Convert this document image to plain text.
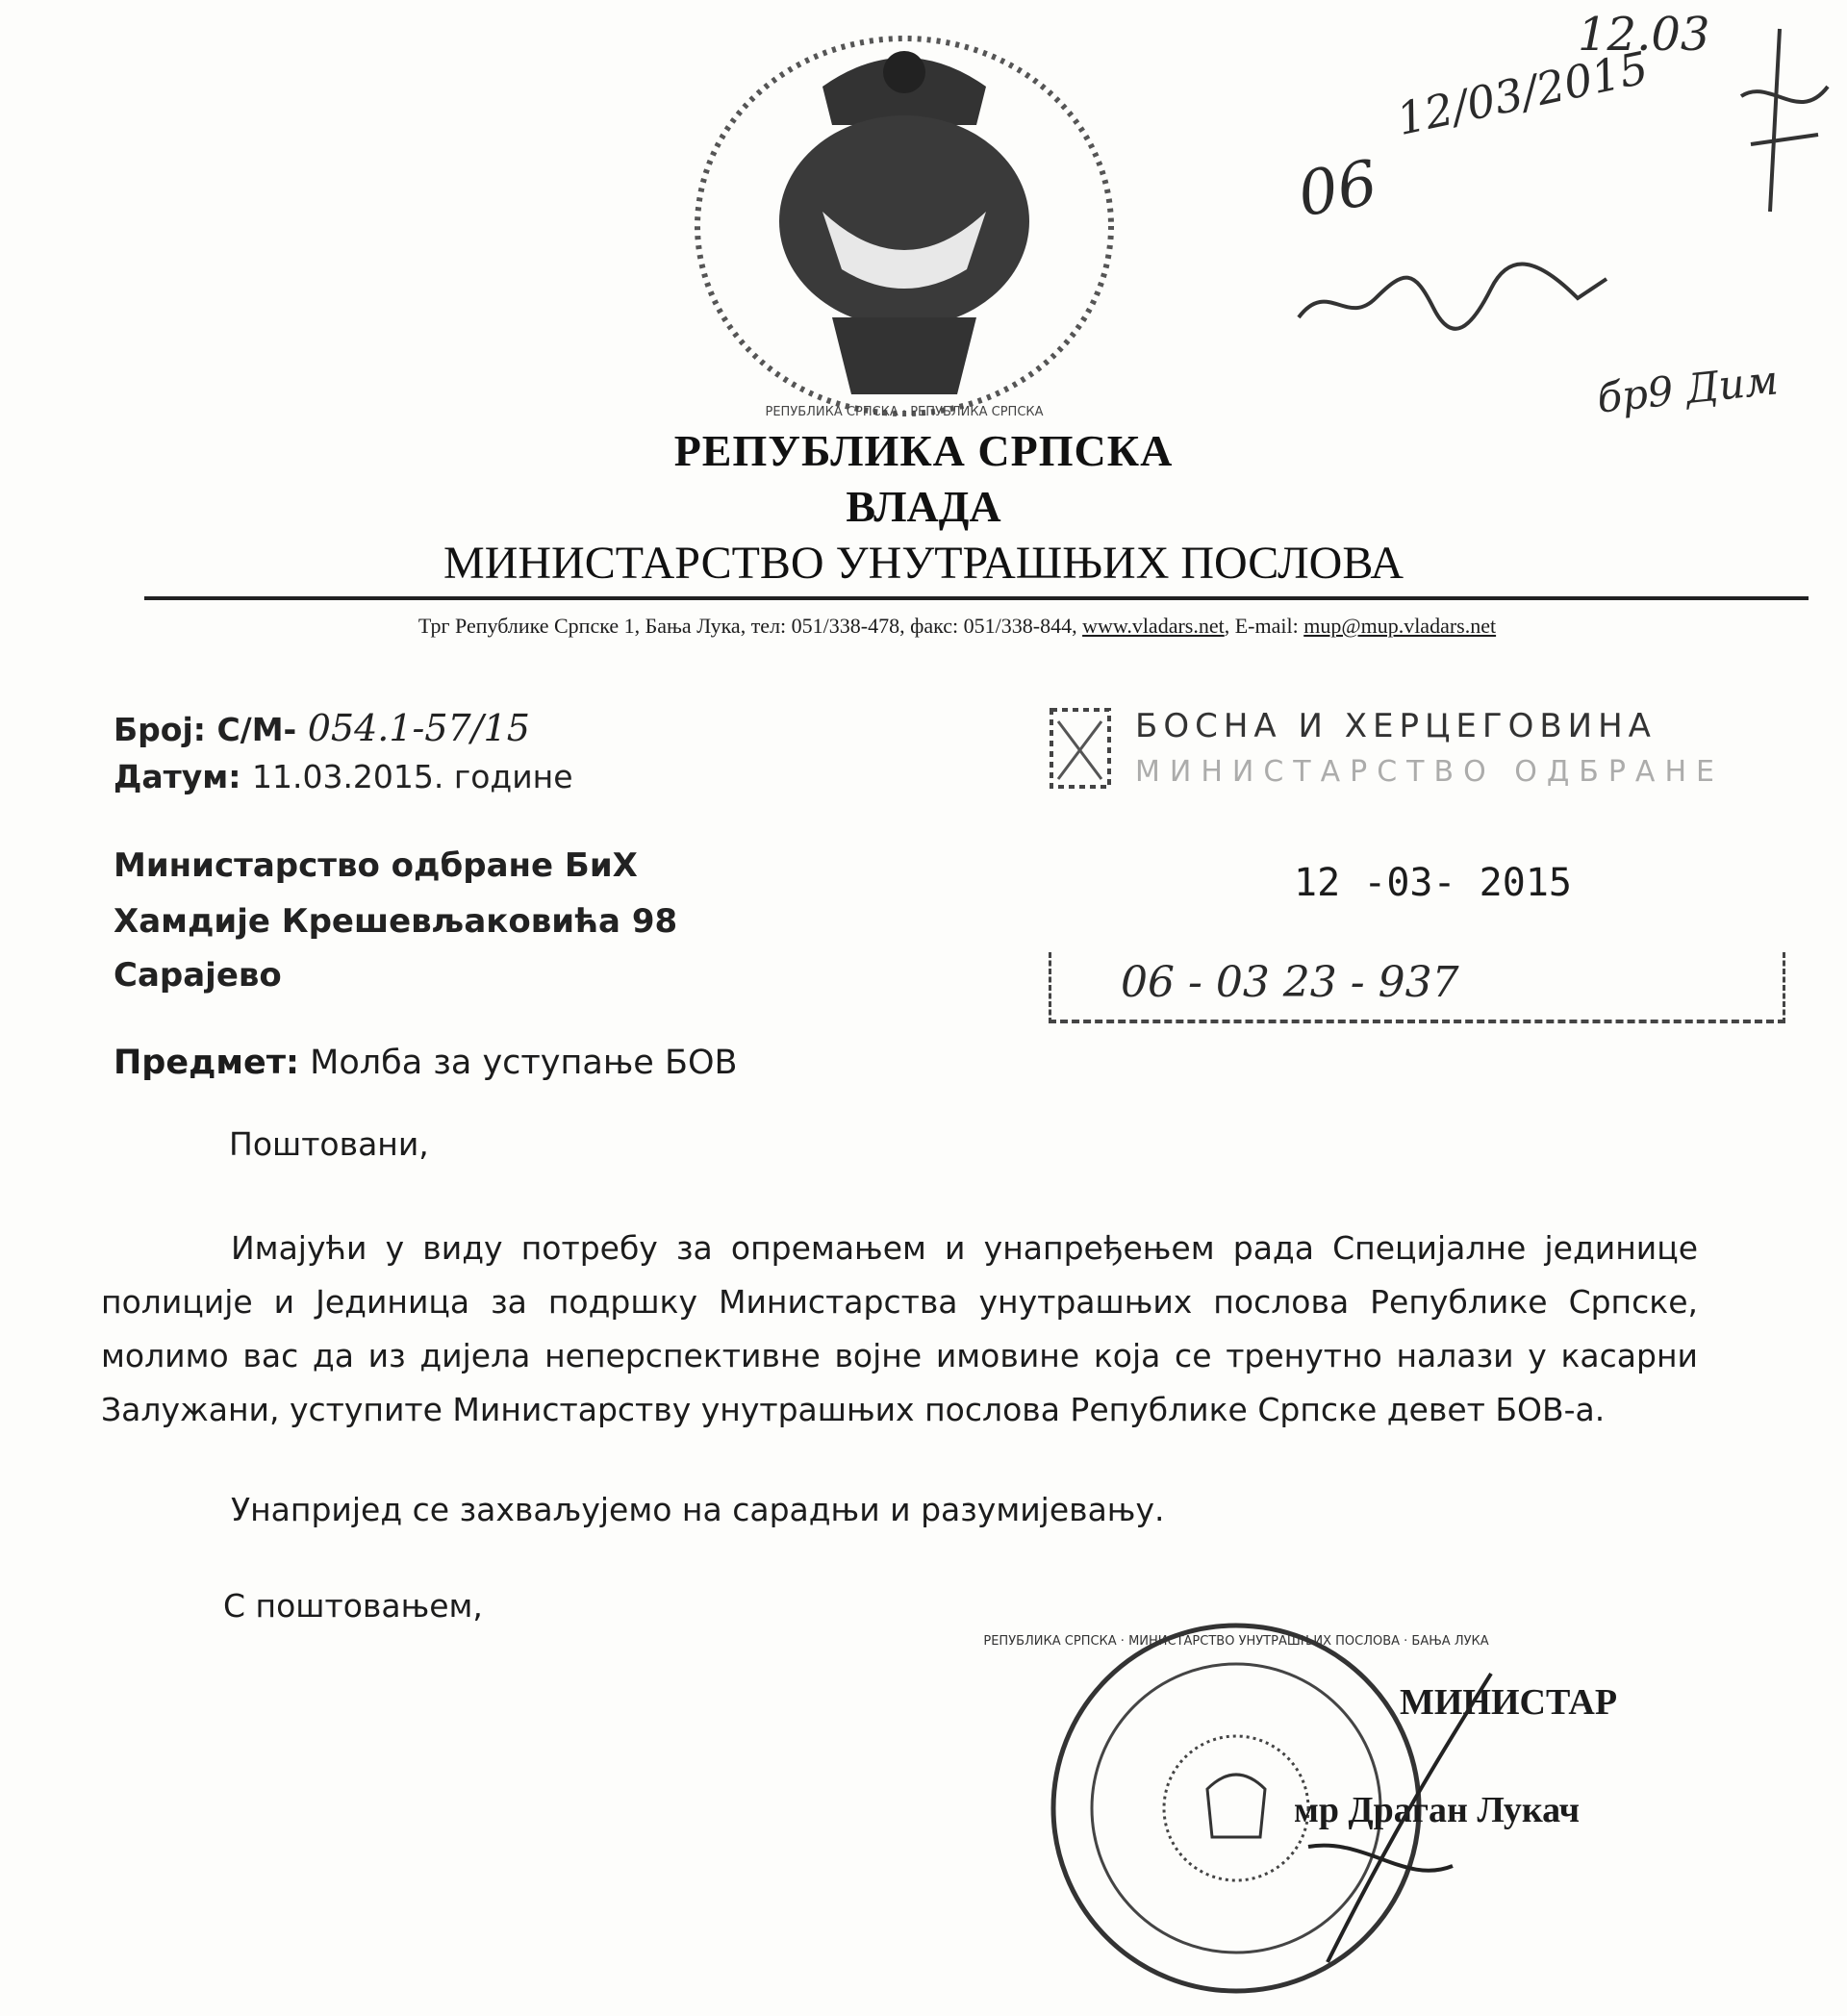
12.03
12/03/2015
06
бр9 Дим
РЕПУБЛИКА СРПСКА · РЕПУБЛИКА СРПСКА
РЕПУБЛИКА СРПСКА
ВЛАДА
МИНИСТАРСТВО УНУТРАШЊИХ ПОСЛОВА
Трг Републике Српске 1, Бања Лука, тел: 051/338-478, факс: 051/338-844, www.vladars.net, E-mail: mup@mup.vladars.net
Број: С/М- 054.1-57/15
Датум: 11.03.2015. године
Министарство одбране БиХ
Хамдије Крешевљаковића 98
Сарајево
БОСНА И ХЕРЦЕГОВИНА
МИНИСТАРСТВО ОДБРАНЕ
12 -03- 2015
06 - 03 23 - 937
Предмет: Молба за уступање БОВ
Поштовани,
Имајући у виду потребу за опремањем и унапређењем рада Специјалне јединице полиције и Јединица за подршку Министарства унутрашњих послова Републике Српске, молимо вас да из дијела неперспективне војне имовине која се тренутно налази у касарни Залужани, уступите Министарству унутрашњих послова Републике Српске девет БОВ-а.
Унапријед се захваљујемо на сарадњи и разумијевању.
С поштовањем,
РЕПУБЛИКА СРПСКА · МИНИСТАРСТВО УНУТРАШЊИХ ПОСЛОВА · БАЊА ЛУКА
МИНИСТАР
мр Драган Лукач
